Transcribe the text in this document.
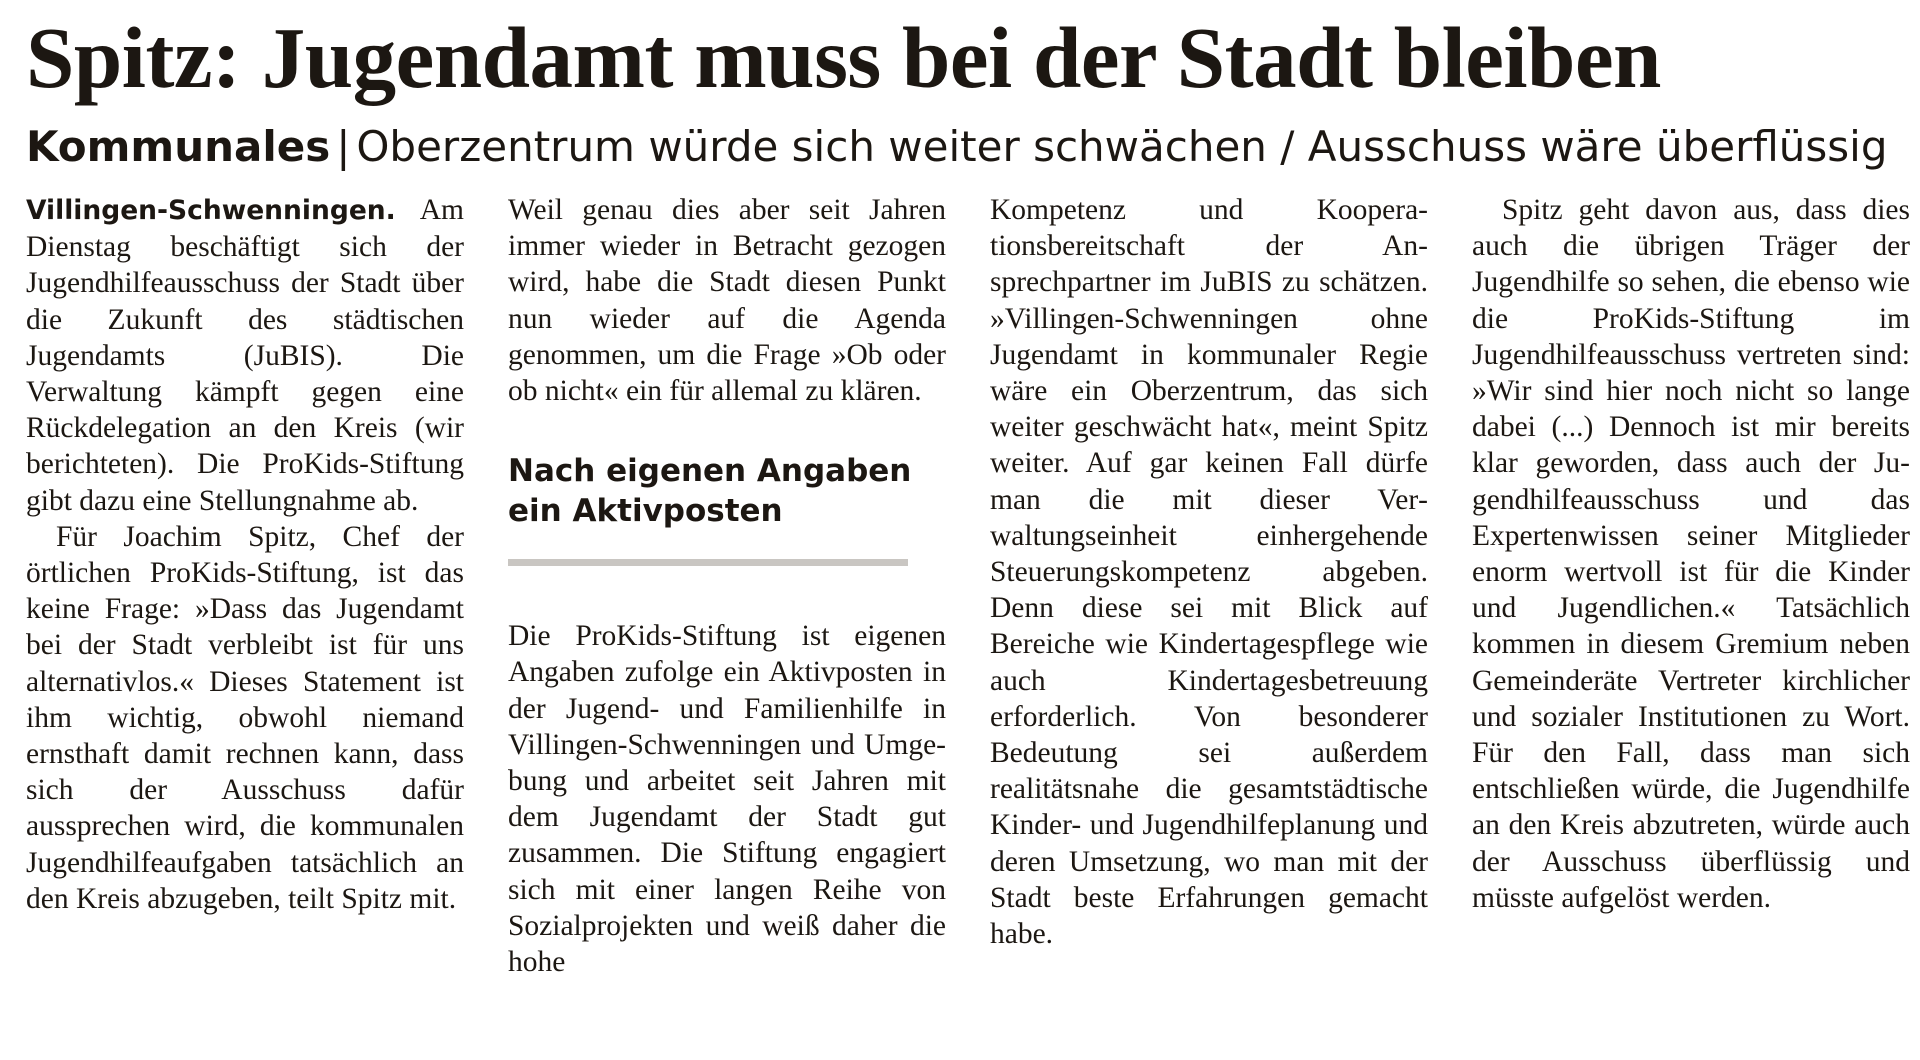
Spitz: Jugendamt muss bei der Stadt bleiben
Kommunales | Oberzentrum würde sich weiter schwächen / Ausschuss wäre überflüssig

Villingen-Schwenningen. Am Dienstag beschäftigt sich der Jugendhilfeausschuss der Stadt über die Zukunft des städtischen Jugendamts (JuBIS). Die Verwaltung kämpft gegen eine Rückdelegation an den Kreis (wir berichteten). Die ProKids-Stiftung gibt dazu eine Stellungnahme ab.

Für Joachim Spitz, Chef der örtlichen ProKids-Stiftung, ist das keine Frage: »Dass das Jugendamt bei der Stadt verbleibt ist für uns alternativlos.« Dieses Statement ist ihm wichtig, obwohl niemand ernsthaft damit rechnen kann, dass sich der Ausschuss dafür aussprechen wird, die kommunalen Jugendhilfeaufgaben tatsächlich an den Kreis abzugeben, teilt Spitz mit.

Weil genau dies aber seit Jahren immer wieder in Betracht gezogen wird, habe die Stadt diesen Punkt nun wieder auf die Agenda genommen, um die Frage »Ob oder ob nicht« ein für allemal zu klären.

Nach eigenen Angaben ein Aktivposten

Die ProKids-Stiftung ist eigenen Angaben zufolge ein Aktivposten in der Jugend- und Familienhilfe in Villingen-Schwenningen und Umgebung und arbeitet seit Jahren mit dem Jugendamt der Stadt gut zusammen. Die Stiftung engagiert sich mit einer langen Reihe von Sozialprojekten und weiß daher die hohe

Kompetenz und Kooperationsbereitschaft der Ansprechpartner im JuBIS zu schätzen. »Villingen-Schwenningen ohne Jugendamt in kommunaler Regie wäre ein Oberzentrum, das sich weiter geschwächt hat«, meint Spitz weiter. Auf gar keinen Fall dürfe man die mit dieser Verwaltungseinheit einhergehende Steuerungskompetenz abgeben. Denn diese sei mit Blick auf Bereiche wie Kindertagespflege wie auch Kindertagesbetreuung erforderlich. Von besonderer Bedeutung sei außerdem realitätsnahe die gesamtstädtische Kinder- und Jugendhilfeplanung und deren Umsetzung, wo man mit der Stadt beste Erfahrungen gemacht habe.

Spitz geht davon aus, dass dies auch die übrigen Träger der Jugendhilfe so sehen, die ebenso wie die ProKids-Stiftung im Jugendhilfeausschuss vertreten sind: »Wir sind hier noch nicht so lange dabei (...) Dennoch ist mir bereits klar geworden, dass auch der Jugendhilfeausschuss und das Expertenwissen seiner Mitglieder enorm wertvoll ist für die Kinder und Jugendlichen.« Tatsächlich kommen in diesem Gremium neben Gemeinderäte Vertreter kirchlicher und sozialer Institutionen zu Wort. Für den Fall, dass man sich entschließen würde, die Jugendhilfe an den Kreis abzutreten, würde auch der Ausschuss überflüssig und müsste aufgelöst werden.
